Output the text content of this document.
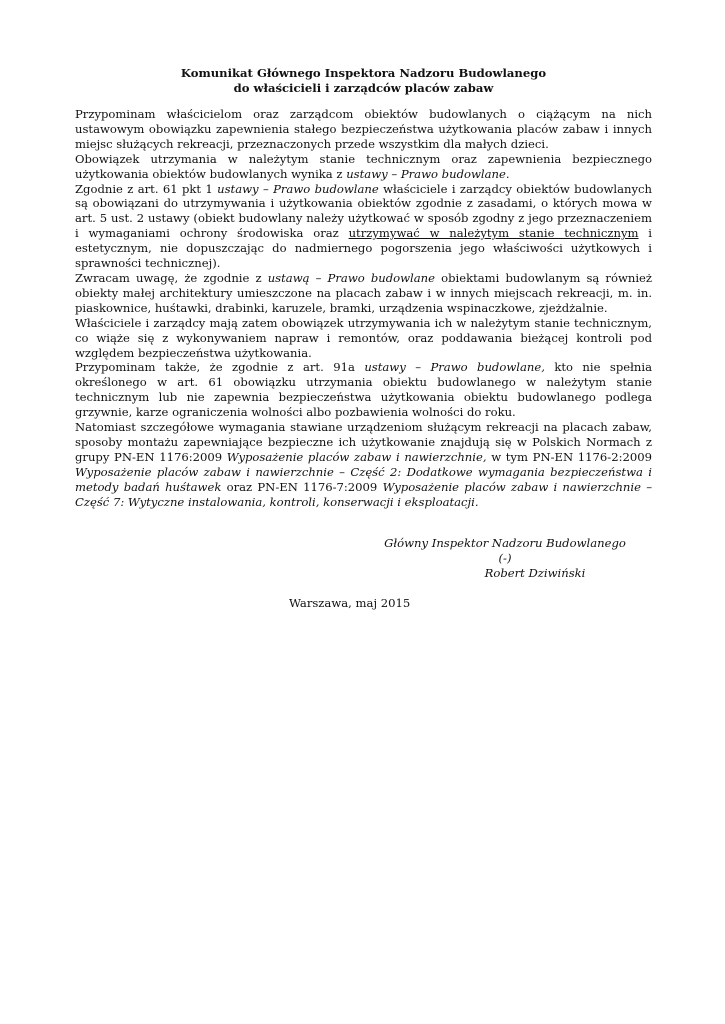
Komunikat Głównego Inspektora Nadzoru Budowlanego
do właścicieli i zarządców placów zabaw

Przypominam właścicielom oraz zarządcom obiektów budowlanych o ciążącym na nich ustawowym obowiązku zapewnienia stałego bezpieczeństwa użytkowania placów zabaw i innych miejsc służących rekreacji, przeznaczonych przede wszystkim dla małych dzieci.

Obowiązek utrzymania w należytym stanie technicznym oraz zapewnienia bezpiecznego użytkowania obiektów budowlanych wynika z ustawy – Prawo budowlane.

Zgodnie z art. 61 pkt 1 ustawy – Prawo budowlane właściciele i zarządcy obiektów budowlanych są obowiązani do utrzymywania i użytkowania obiektów zgodnie z zasadami, o których mowa w art. 5 ust. 2 ustawy (obiekt budowlany należy użytkować w sposób zgodny z jego przeznaczeniem i wymaganiami ochrony środowiska oraz utrzymywać w należytym stanie technicznym i estetycznym, nie dopuszczając do nadmiernego pogorszenia jego właściwości użytkowych i sprawności technicznej).

Zwracam uwagę, że zgodnie z ustawą – Prawo budowlane obiektami budowlanym są również obiekty małej architektury umieszczone na placach zabaw i w innych miejscach rekreacji, m. in. piaskownice, huśtawki, drabinki, karuzele, bramki, urządzenia wspinaczkowe, zjeżdżalnie.

Właściciele i zarządcy mają zatem obowiązek utrzymywania ich w należytym stanie technicznym, co wiąże się z wykonywaniem napraw i remontów, oraz poddawania bieżącej kontroli pod względem bezpieczeństwa użytkowania.

Przypominam także, że zgodnie z art. 91a ustawy – Prawo budowlane, kto nie spełnia określonego w art. 61 obowiązku utrzymania obiektu budowlanego w należytym stanie technicznym lub nie zapewnia bezpieczeństwa użytkowania obiektu budowlanego podlega grzywnie, karze ograniczenia wolności albo pozbawienia wolności do roku.

Natomiast szczegółowe wymagania stawiane urządzeniom służącym rekreacji na placach zabaw, sposoby montażu zapewniające bezpieczne ich użytkowanie znajdują się w Polskich Normach z grupy PN-EN 1176:2009 Wyposażenie placów zabaw i nawierzchnie, w tym PN-EN 1176-2:2009 Wyposażenie placów zabaw i nawierzchnie – Część 2: Dodatkowe wymagania bezpieczeństwa i metody badań huśtawek oraz PN-EN 1176-7:2009 Wyposażenie placów zabaw i nawierzchnie – Część 7: Wytyczne instalowania, kontroli, konserwacji i eksploatacji.

Główny Inspektor Nadzoru Budowlanego
(-)
Robert Dziwiński
Warszawa, maj 2015
